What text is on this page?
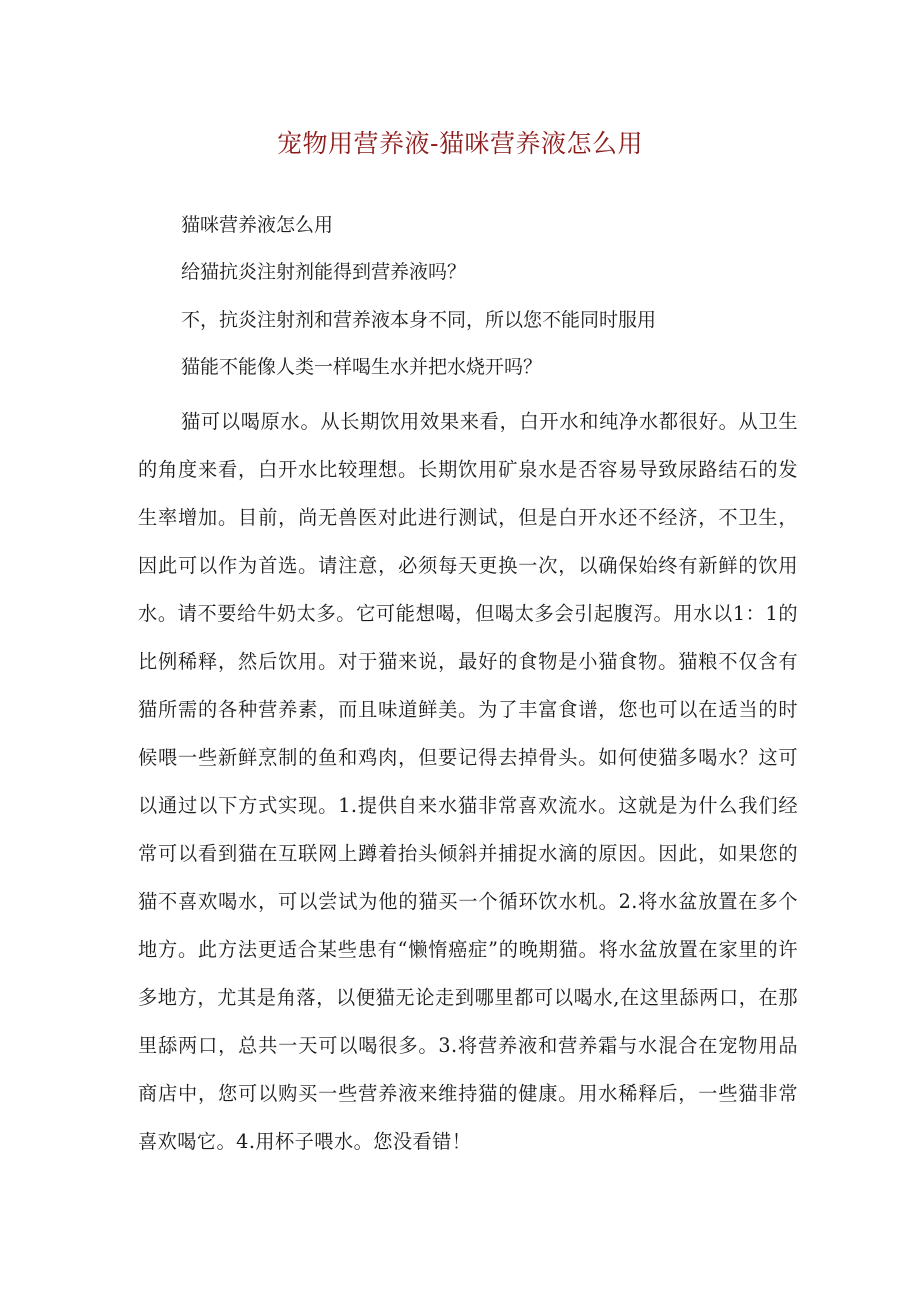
宠物用营养液-猫咪营养液怎么用

猫咪营养液怎么用

给猫抗炎注射剂能得到营养液吗？

不，抗炎注射剂和营养液本身不同，所以您不能同时服用

猫能不能像人类一样喝生水并把水烧开吗？

猫可以喝原水。从长期饮用效果来看，白开水和纯净水都很好。从卫生的角度来看，白开水比较理想。长期饮用矿泉水是否容易导致尿路结石的发生率增加。目前，尚无兽医对此进行测试，但是白开水还不经济，不卫生，因此可以作为首选。请注意，必须每天更换一次，以确保始终有新鲜的饮用水。请不要给牛奶太多。它可能想喝，但喝太多会引起腹泻。用水以1：1的比例稀释，然后饮用。对于猫来说，最好的食物是小猫食物。猫粮不仅含有猫所需的各种营养素，而且味道鲜美。为了丰富食谱，您也可以在适当的时候喂一些新鲜烹制的鱼和鸡肉，但要记得去掉骨头。如何使猫多喝水？这可以通过以下方式实现。1.提供自来水猫非常喜欢流水。这就是为什么我们经常可以看到猫在互联网上蹲着抬头倾斜并捕捉水滴的原因。因此，如果您的猫不喜欢喝水，可以尝试为他的猫买一个循环饮水机。2.将水盆放置在多个地方。此方法更适合某些患有“懒惰癌症”的晚期猫。将水盆放置在家里的许多地方，尤其是角落，以便猫无论走到哪里都可以喝水,在这里舔两口，在那里舔两口，总共一天可以喝很多。3.将营养液和营养霜与水混合在宠物用品商店中，您可以购买一些营养液来维持猫的健康。用水稀释后，一些猫非常喜欢喝它。4.用杯子喂水。您没看错！
